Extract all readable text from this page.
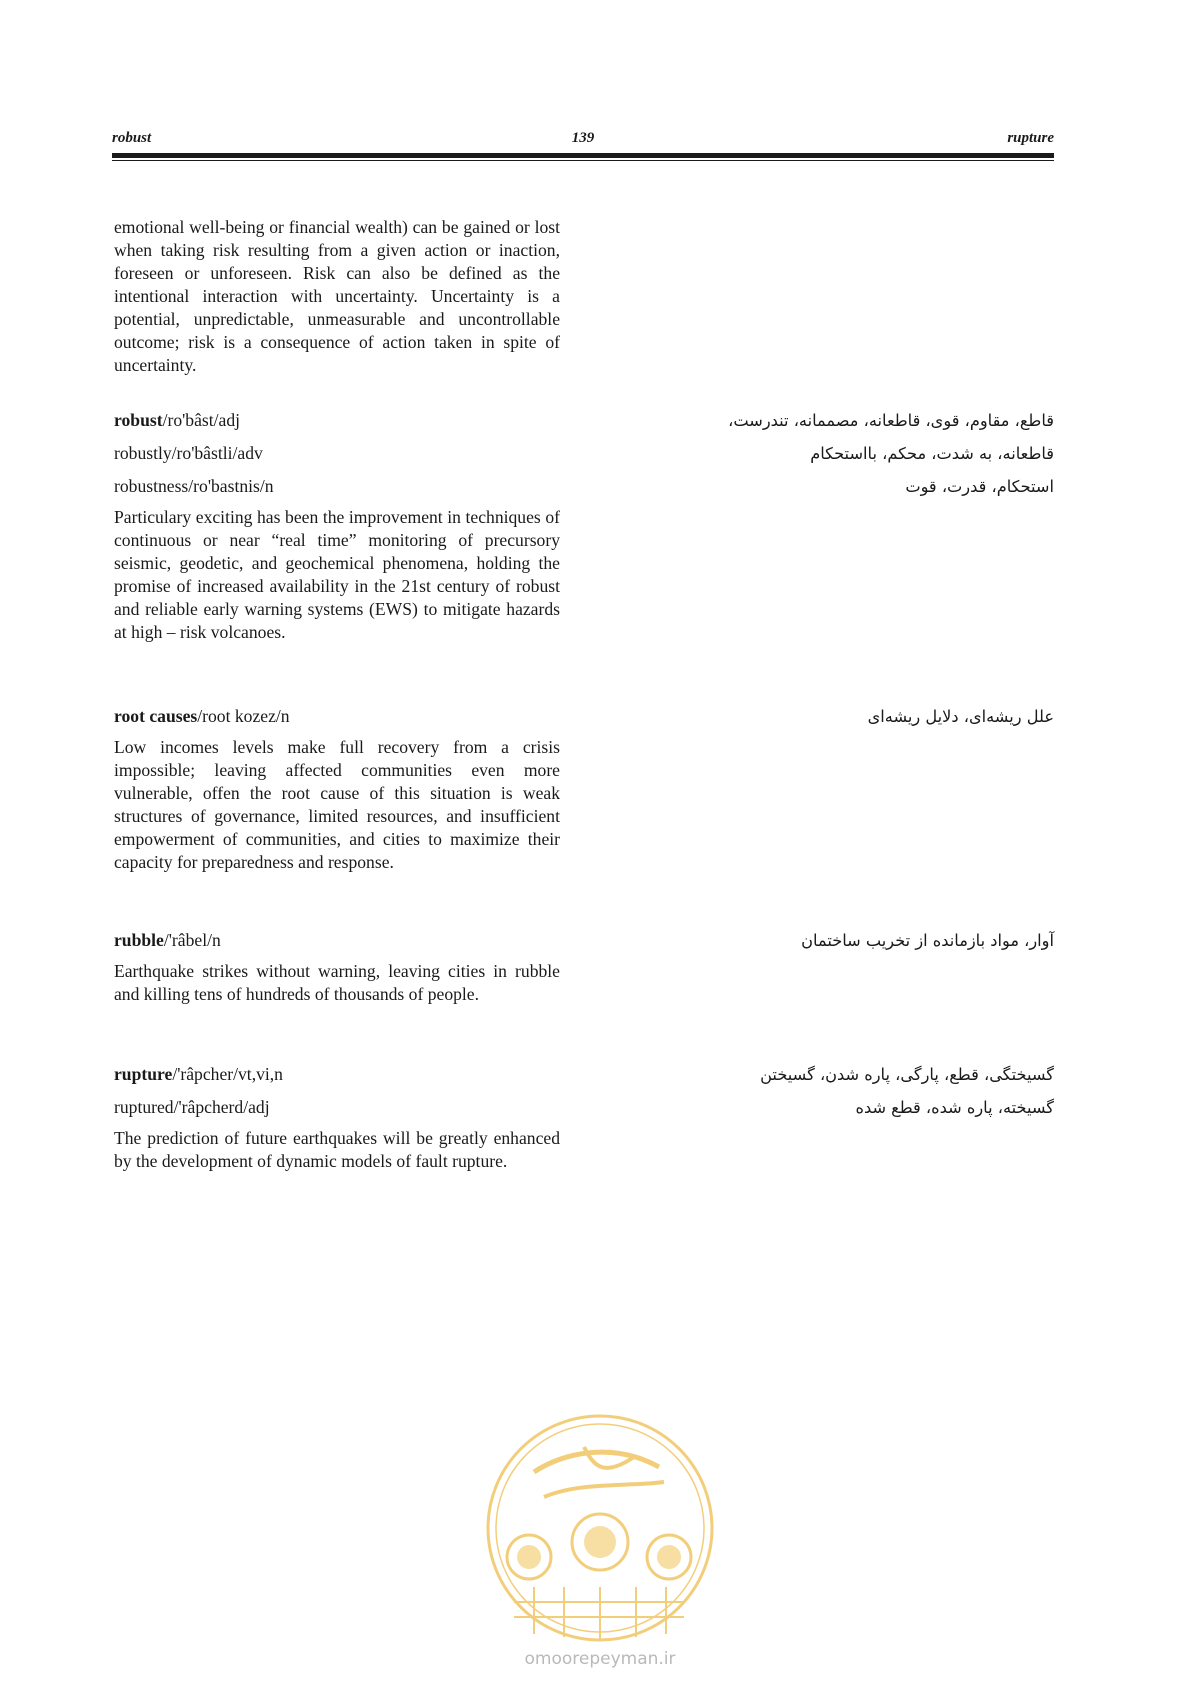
robust	139	rupture
emotional well-being or financial wealth) can be gained or lost when taking risk resulting from a given action or inaction, foreseen or unforeseen. Risk can also be defined as the intentional interaction with uncertainty. Uncertainty is a potential, unpredictable, unmeasurable and uncontrollable outcome; risk is a consequence of action taken in spite of uncertainty.
robust/ro'bâst/adj	قاطع، مقاوم، قوی، قاطعانه، مصممانه، تندرست،
robustly/ro'bâstli/adv	قاطعانه، به شدت، محکم، بااستحکام
robustness/ro'bastnis/n	استحکام، قدرت، قوت
Particulary exciting has been the improvement in techniques of continuous or near “real time” monitoring of precursory seismic, geodetic, and geochemical phenomena, holding the promise of increased availability in the 21st century of robust and reliable early warning systems (EWS) to mitigate hazards at high – risk volcanoes.
root causes/root kozez/n	علل ریشه‌ای، دلایل ریشه‌ای
Low incomes levels make full recovery from a crisis impossible; leaving affected communities even more vulnerable, offen the root cause of this situation is weak structures of governance, limited resources, and insufficient empowerment of communities, and cities to maximize their capacity for preparedness and response.
rubble/'râbel/n	آوار، مواد بازمانده از تخریب ساختمان
Earthquake strikes without warning, leaving cities in rubble and killing tens of hundreds of thousands of people.
rupture/'râpcher/vt,vi,n	گسیختگی، قطع، پارگی، پاره شدن، گسیختن
ruptured/'râpcherd/adj	گسیخته، پاره شده، قطع شده
The prediction of future earthquakes will be greatly enhanced by the development of dynamic models of fault rupture.
omoorepeyman.ir
